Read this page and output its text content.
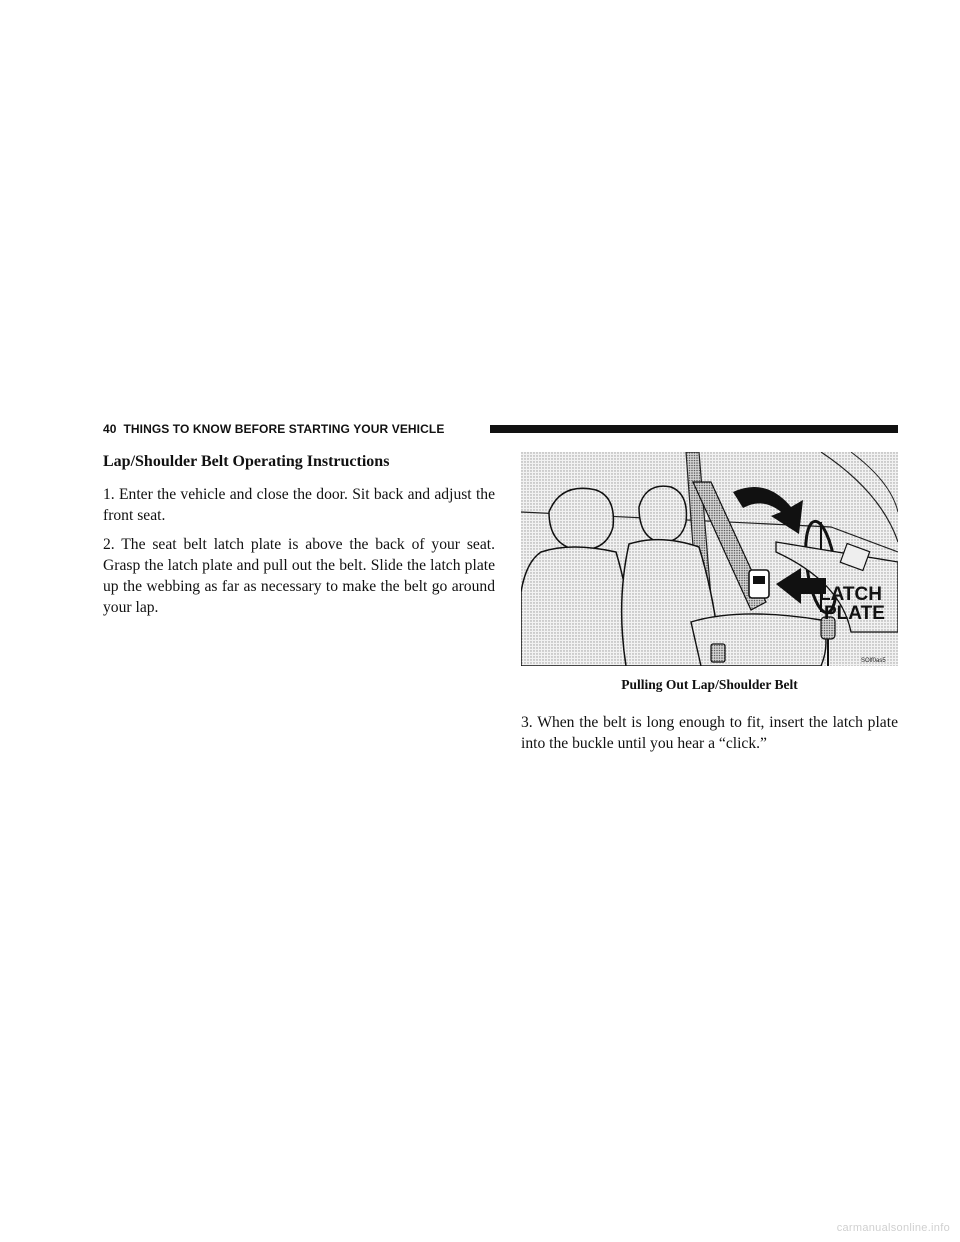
40 THINGS TO KNOW BEFORE STARTING YOUR VEHICLE
Lap/Shoulder Belt Operating Instructions

1. Enter the vehicle and close the door. Sit back and adjust the front seat.

2. The seat belt latch plate is above the back of your seat. Grasp the latch plate and pull out the belt. Slide the latch plate up the webbing as far as necessary to make the belt go around your lap.

LATCH
PLATE
SOlf0as5
Pulling Out Lap/Shoulder Belt

3. When the belt is long enough to fit, insert the latch plate into the buckle until you hear a “click.”

carmanualsonline.info
